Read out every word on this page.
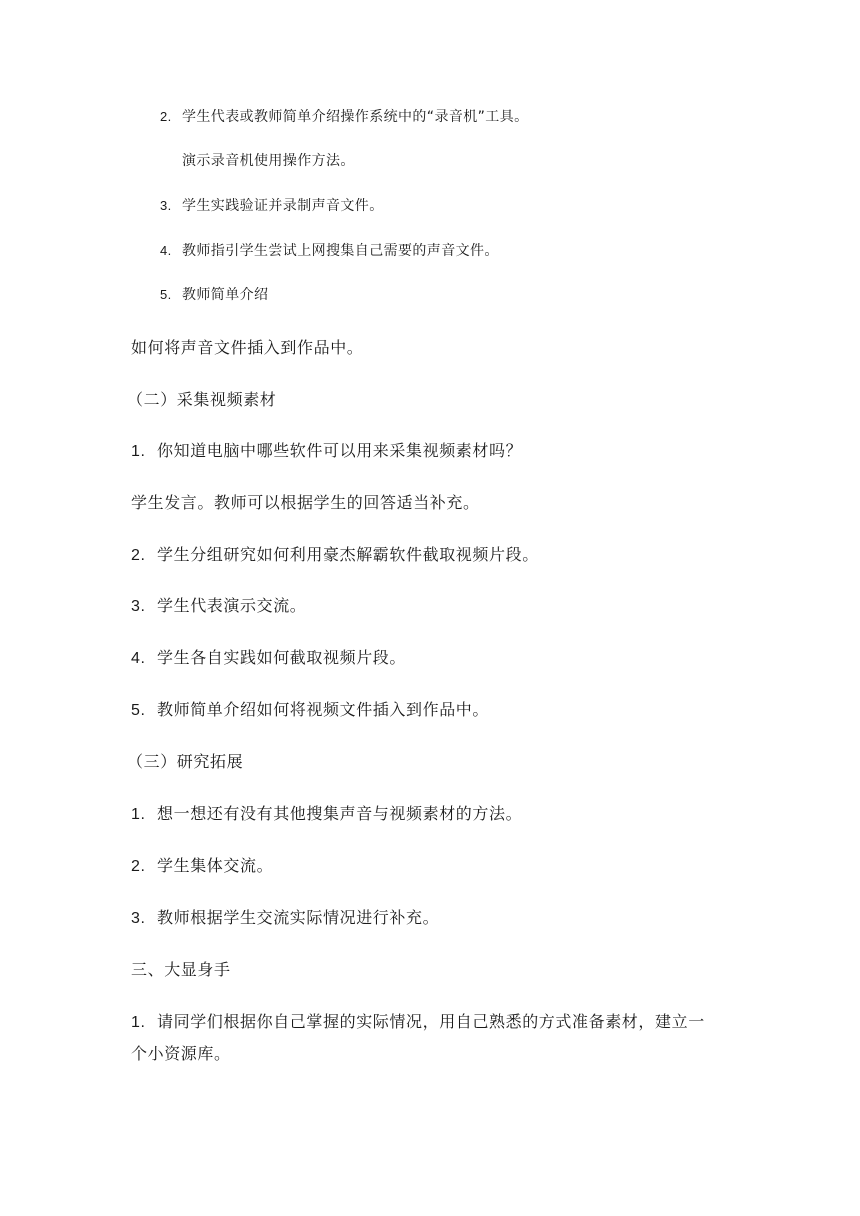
2. 学生代表或教师简单介绍操作系统中的“录音机”工具。
演示录音机使用操作方法。
3. 学生实践验证并录制声音文件。
4. 教师指引学生尝试上网搜集自己需要的声音文件。
5. 教师简单介绍
如何将声音文件插入到作品中。
（二）采集视频素材
1. 你知道电脑中哪些软件可以用来采集视频素材吗？
学生发言。教师可以根据学生的回答适当补充。
2. 学生分组研究如何利用豪杰解霸软件截取视频片段。
3. 学生代表演示交流。
4. 学生各自实践如何截取视频片段。
5. 教师简单介绍如何将视频文件插入到作品中。
（三）研究拓展
1. 想一想还有没有其他搜集声音与视频素材的方法。
2. 学生集体交流。
3. 教师根据学生交流实际情况进行补充。
三、大显身手
1. 请同学们根据你自己掌握的实际情况，用自己熟悉的方式准备素材，建立一
个小资源库。
